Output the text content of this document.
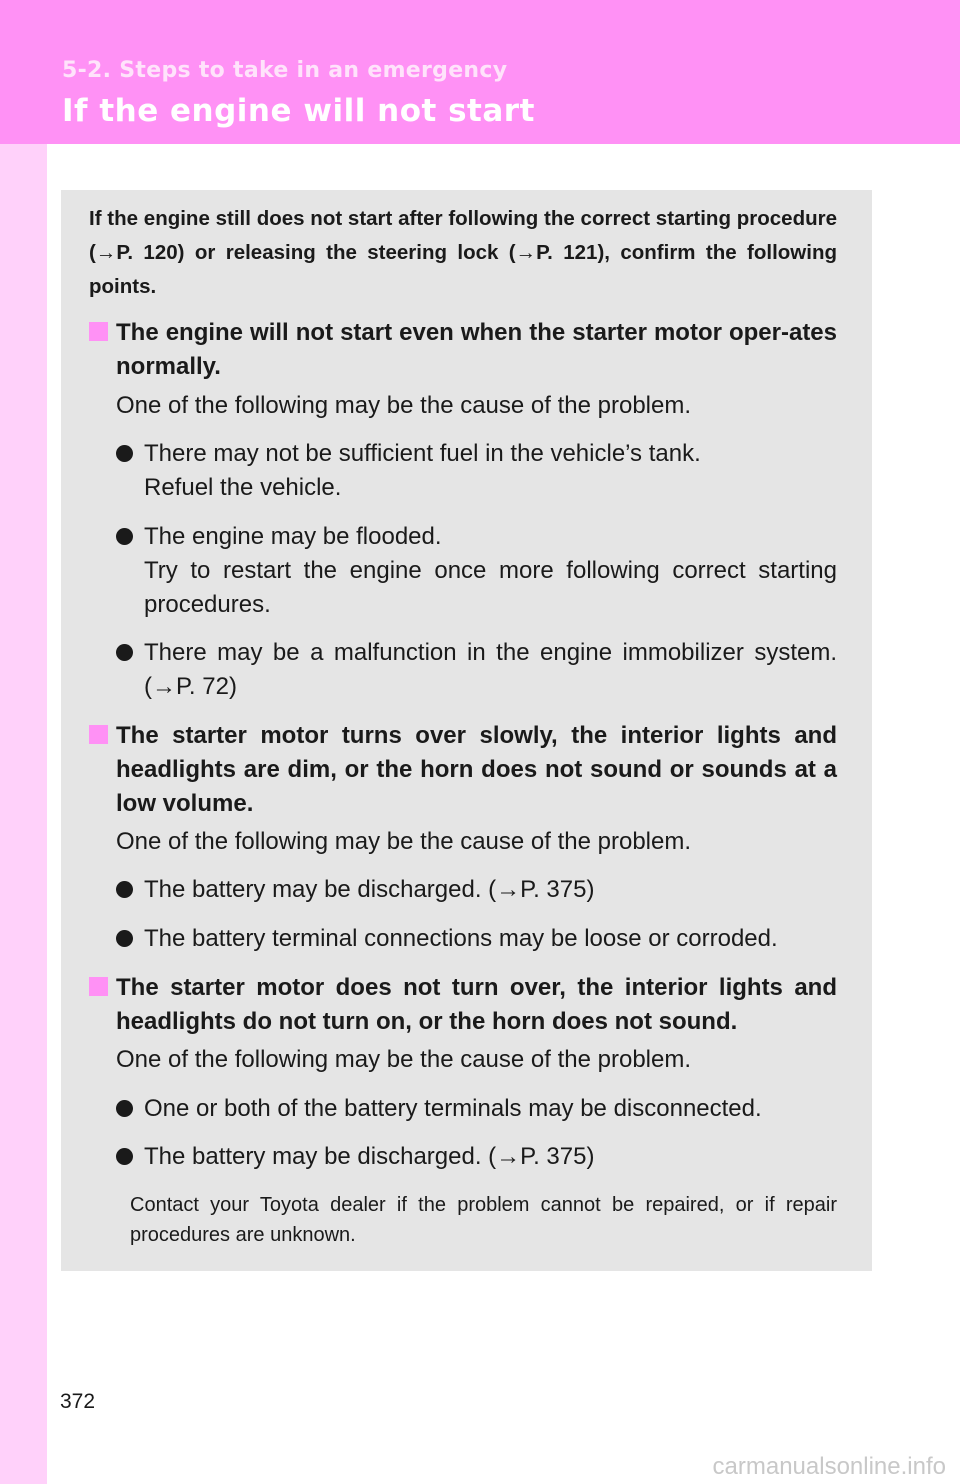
5-2. Steps to take in an emergency
If the engine will not start
If the engine still does not start after following the correct starting procedure (→P. 120) or releasing the steering lock (→P. 121), confirm the following points.
The engine will not start even when the starter motor oper-ates normally.
One of the following may be the cause of the problem.
There may not be sufficient fuel in the vehicle’s tank.
Refuel the vehicle.
The engine may be flooded.
Try to restart the engine once more following correct starting procedures.
There may be a malfunction in the engine immobilizer system. (→P. 72)
The starter motor turns over slowly, the interior lights and headlights are dim, or the horn does not sound or sounds at a low volume.
One of the following may be the cause of the problem.
The battery may be discharged. (→P. 375)
The battery terminal connections may be loose or corroded.
The starter motor does not turn over, the interior lights and headlights do not turn on, or the horn does not sound.
One of the following may be the cause of the problem.
One or both of the battery terminals may be disconnected.
The battery may be discharged. (→P. 375)
Contact your Toyota dealer if the problem cannot be repaired, or if repair procedures are unknown.
372
carmanualsonline.info
